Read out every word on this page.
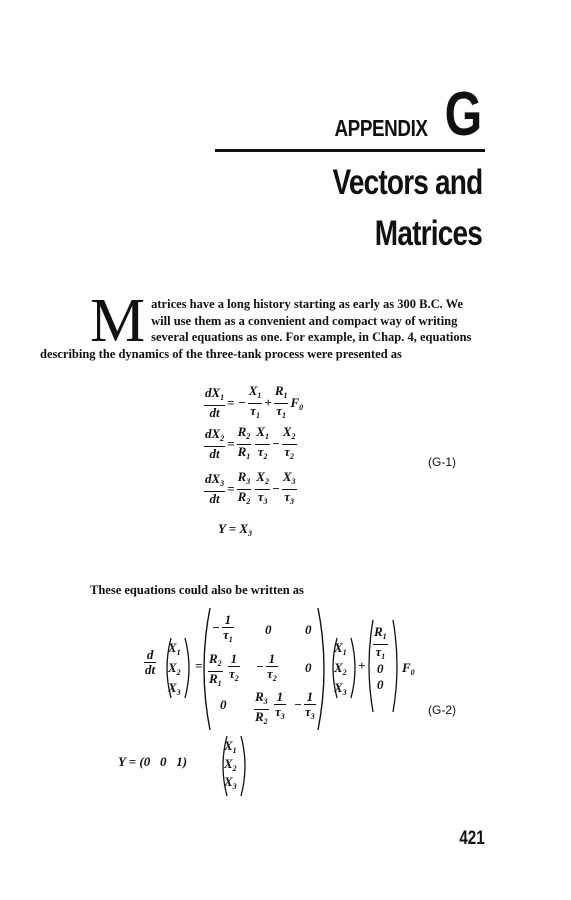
APPENDIX G
Vectors and
Matrices
M atrices have a long history starting as early as 300 B.C. We
will use them as a convenient and compact way of writing
several equations as one. For example, in Chap. 4, equations
describing the dynamics of the three-tank process were presented as
$\frac{dX_1}{dt}$ = − $\frac{X_1}{\tau_1} + \frac{R_1}{\tau_1} F_0$
$\frac{dX_2}{dt} = \frac{R_2}{R_1} \frac{X_1}{\tau_2} - \frac{X_2}{\tau_2}$	(G-1)
$\frac{dX_3}{dt} = \frac{R_3}{R_2} \frac{X_2}{\tau_3} - \frac{X_3}{\tau_3}$
$Y = X_3$
These equations could also be written as
$\frac{d}{dt}$
$X_1$
$X_2$
$X_3$
=
− $\frac{1}{\tau_1} 0$	0
$\frac{R_2}{R_1} \frac{1}{\tau_2} - \frac{1}{\tau_2} 0$
$0 \frac{R_3}{R_2} \frac{1}{\tau_3} - \frac{1}{\tau_3}$
$X_1$
$X_2$
$X_3$
+
$\frac{R_1}{\tau_1}$
0
0
$F_0$
Y = (0   0   1)
$X_1$
$X_2$
$X_3$
(G-2)
421
